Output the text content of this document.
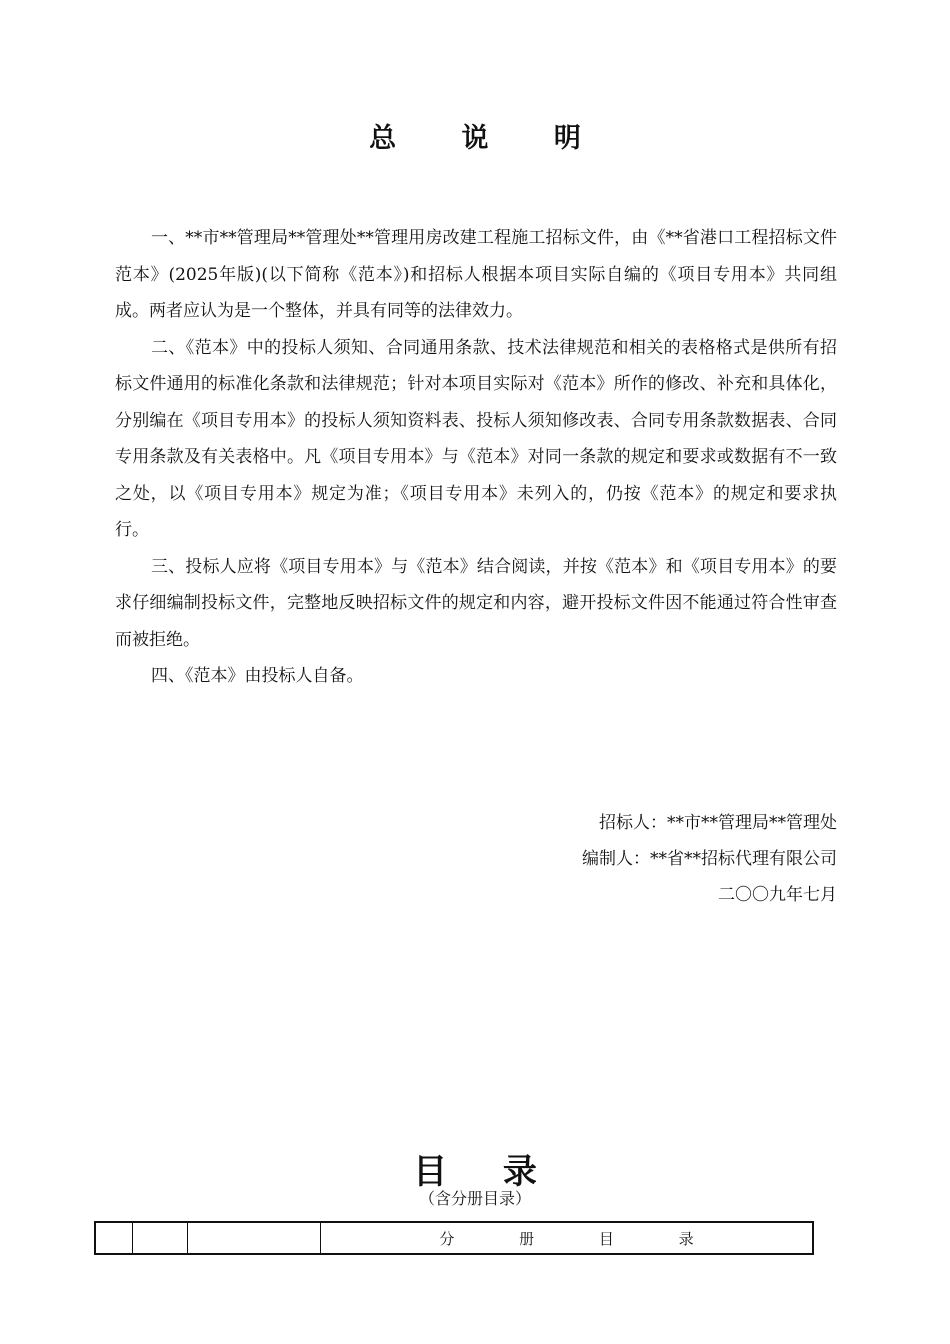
总 说 明

一、**市**管理局**管理处**管理用房改建工程施工招标文件，由《**省港口工程招标文件范本》(2025年版)(以下简称《范本》)和招标人根据本项目实际自编的《项目专用本》共同组成。两者应认为是一个整体，并具有同等的法律效力。

二、《范本》中的投标人须知、合同通用条款、技术法律规范和相关的表格格式是供所有招标文件通用的标准化条款和法律规范；针对本项目实际对《范本》所作的修改、补充和具体化，分别编在《项目专用本》的投标人须知资料表、投标人须知修改表、合同专用条款数据表、合同专用条款及有关表格中。凡《项目专用本》与《范本》对同一条款的规定和要求或数据有不一致之处，以《项目专用本》规定为准；《项目专用本》未列入的，仍按《范本》的规定和要求执行。

三、投标人应将《项目专用本》与《范本》结合阅读，并按《范本》和《项目专用本》的要求仔细编制投标文件，完整地反映招标文件的规定和内容，避开投标文件因不能通过符合性审查而被拒绝。

四、《范本》由投标人自备。

招标人：**市**管理局**管理处
编制人：**省**招标代理有限公司
二〇〇九年七月
目 录
（含分册目录）
			分 册 目 录
